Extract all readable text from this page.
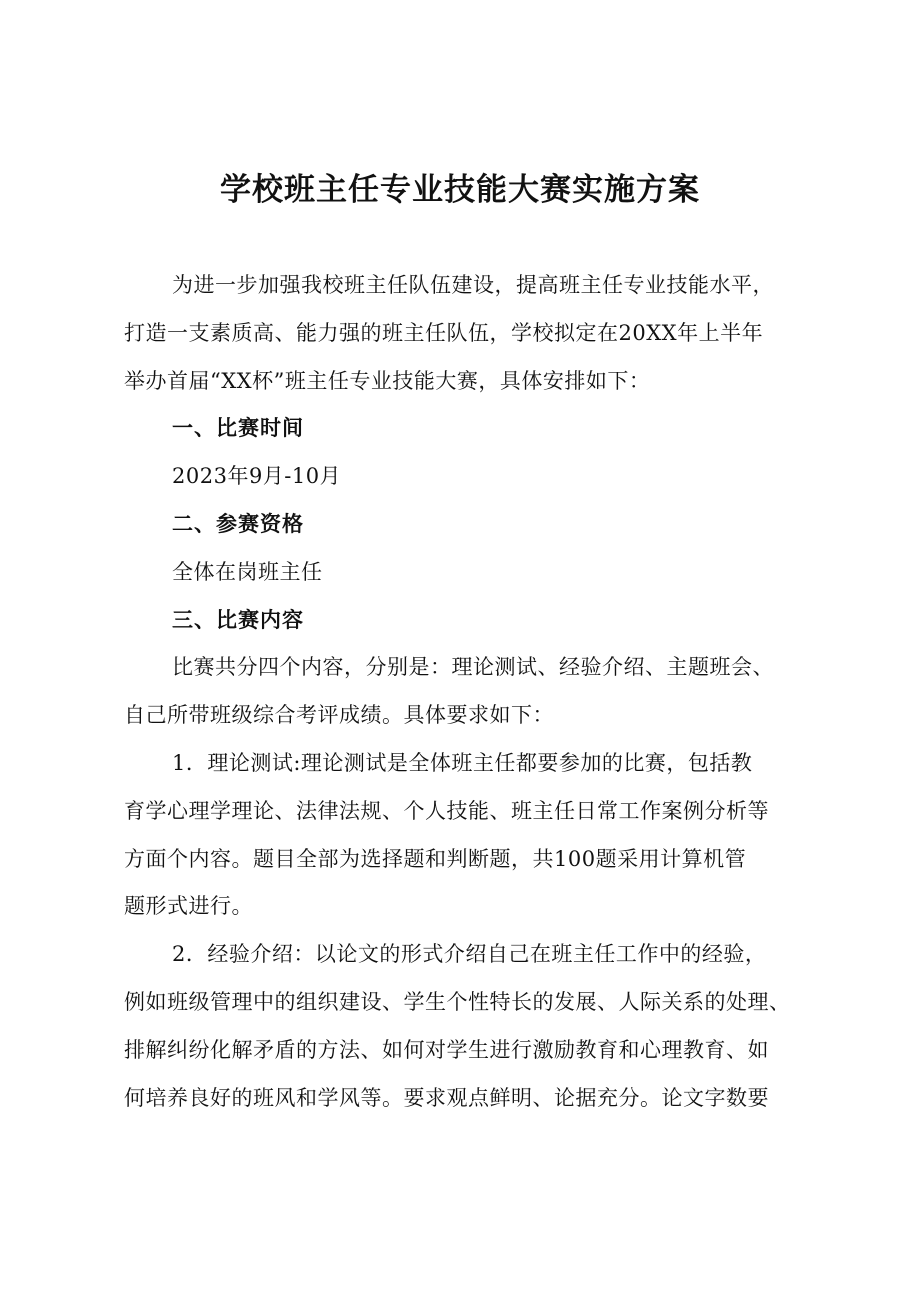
学校班主任专业技能大赛实施方案

为进一步加强我校班主任队伍建设，提高班主任专业技能水平，
打造一支素质高、能力强的班主任队伍，学校拟定在20XX年上半年
举办首届“XX杯”班主任专业技能大赛，具体安排如下：

一、比赛时间

2023年9月-10月

二、参赛资格

全体在岗班主任

三、比赛内容

比赛共分四个内容，分别是：理论测试、经验介绍、主题班会、
自己所带班级综合考评成绩。具体要求如下：

1．理论测试:理论测试是全体班主任都要参加的比赛，包括教
育学心理学理论、法律法规、个人技能、班主任日常工作案例分析等
方面个内容。题目全部为选择题和判断题，共100题采用计算机管
题形式进行。

2．经验介绍：以论文的形式介绍自己在班主任工作中的经验，
例如班级管理中的组织建设、学生个性特长的发展、人际关系的处理、
排解纠纷化解矛盾的方法、如何对学生进行激励教育和心理教育、如
何培养良好的班风和学风等。要求观点鲜明、论据充分。论文字数要
